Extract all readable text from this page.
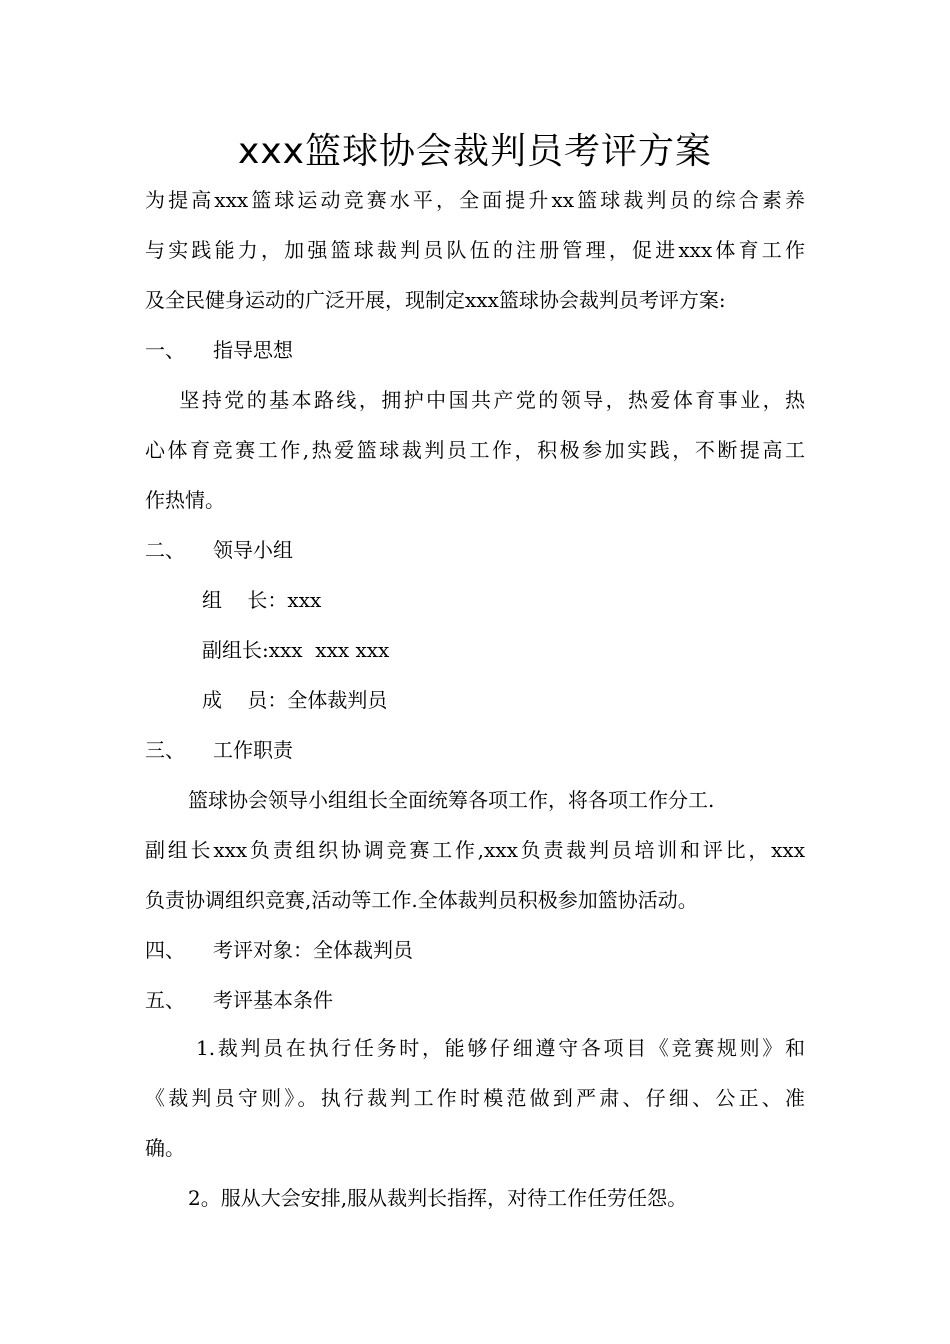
xxx篮球协会裁判员考评方案
为提高xxx篮球运动竞赛水平，全面提升xx篮球裁判员的综合素养
与实践能力，加强篮球裁判员队伍的注册管理，促进xxx体育工作
及全民健身运动的广泛开展，现制定xxx篮球协会裁判员考评方案:
一、 指导思想
坚持党的基本路线，拥护中国共产党的领导，热爱体育事业，热
心体育竞赛工作,热爱篮球裁判员工作，积极参加实践，不断提高工
作热情。
二、 领导小组
组    长：xxx
副组长:xxx  xxx xxx
成    员：全体裁判员
三、 工作职责
篮球协会领导小组组长全面统筹各项工作，将各项工作分工.
副组长xxx负责组织协调竞赛工作,xxx负责裁判员培训和评比，xxx
负责协调组织竞赛,活动等工作.全体裁判员积极参加篮协活动。
四、 考评对象：全体裁判员
五、 考评基本条件
1.裁判员在执行任务时，能够仔细遵守各项目《竞赛规则》和
《裁判员守则》。执行裁判工作时模范做到严肃、仔细、公正、准
确。
2。服从大会安排,服从裁判长指挥，对待工作任劳任怨。
